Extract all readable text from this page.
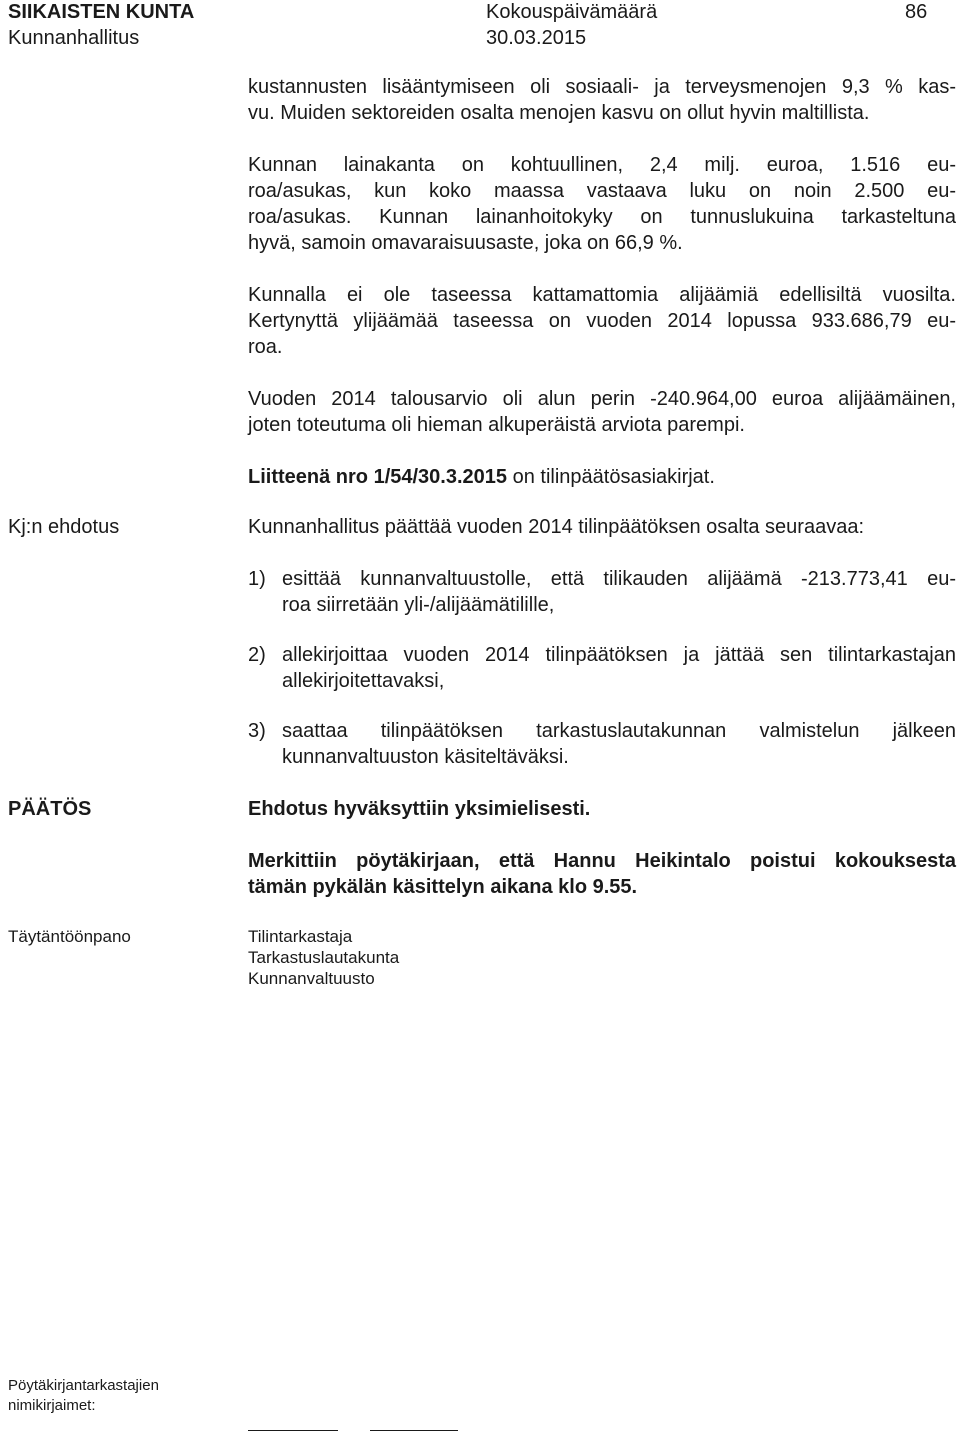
SIIKAISTEN KUNTA
Kunnanhallitus
Kokouspäivämäärä
30.03.2015
86
kustannusten lisääntymiseen oli sosiaali- ja terveysmenojen 9,3 % kas-
vu. Muiden sektoreiden osalta menojen kasvu on ollut hyvin maltillista.
Kunnan lainakanta on kohtuullinen, 2,4 milj. euroa, 1.516 eu-
roa/asukas, kun koko maassa vastaava luku on noin 2.500 eu-
roa/asukas. Kunnan lainanhoitokyky on tunnuslukuina tarkasteltuna
hyvä, samoin omavaraisuusaste, joka on 66,9 %.
Kunnalla ei ole taseessa kattamattomia alijäämiä edellisiltä vuosilta.
Kertynyttä ylijäämää taseessa on vuoden 2014 lopussa 933.686,79 eu-
roa.
Vuoden 2014 talousarvio oli alun perin -240.964,00 euroa alijäämäinen,
joten toteutuma oli hieman alkuperäistä arviota parempi.
Liitteenä nro 1/54/30.3.2015 on tilinpäätösasiakirjat.
Kj:n ehdotus	Kunnanhallitus päättää vuoden 2014 tilinpäätöksen osalta seuraavaa:
1) esittää kunnanvaltuustolle, että tilikauden alijäämä -213.773,41 eu-
roa siirretään yli-/alijäämätilille,
2) allekirjoittaa vuoden 2014 tilinpäätöksen ja jättää sen tilintarkastajan
allekirjoitettavaksi,
3) saattaa tilinpäätöksen tarkastuslautakunnan valmistelun jälkeen
kunnanvaltuuston käsiteltäväksi.
PÄÄTÖS	Ehdotus hyväksyttiin yksimielisesti.
Merkittiin pöytäkirjaan, että Hannu Heikintalo poistui kokouksesta
tämän pykälän käsittelyn aikana klo 9.55.
Täytäntöönpano	Tilintarkastaja
Tarkastuslautakunta
Kunnanvaltuusto
Pöytäkirjantarkastajien
nimikirjaimet:
